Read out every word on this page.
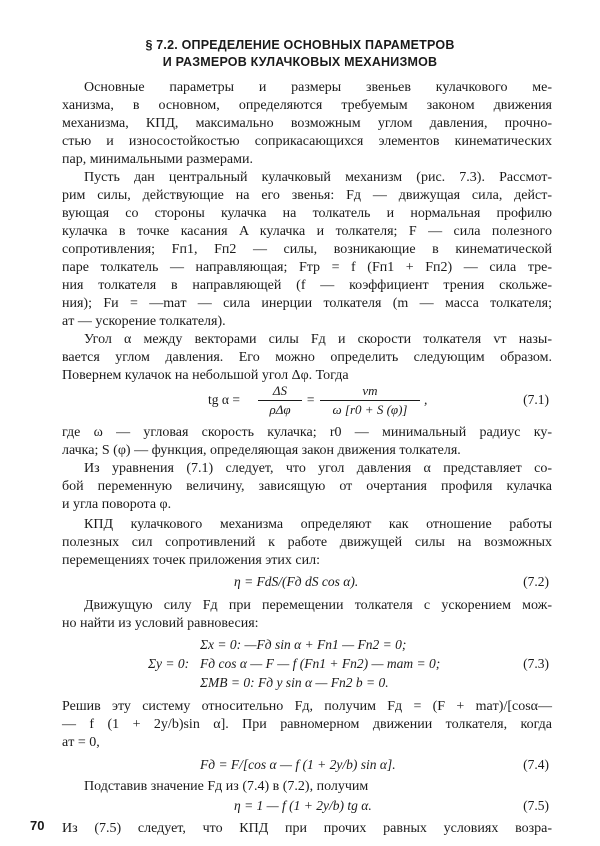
§ 7.2. ОПРЕДЕЛЕНИЕ ОСНОВНЫХ ПАРАМЕТРОВ
И РАЗМЕРОВ КУЛАЧКОВЫХ МЕХАНИЗМОВ
Основные параметры и размеры звеньев кулачкового ме-
ханизма, в основном, определяются требуемым законом движения
механизма, КПД, максимально возможным углом давления, прочно-
стью и износостойкостью соприкасающихся элементов кинематических
пар, минимальными размерами.
Пусть дан центральный кулачковый механизм (рис. 7.3). Рассмот-
рим силы, действующие на его звенья: Fд — движущая сила, дейст-
вующая со стороны кулачка на толкатель и нормальная профилю
кулачка в точке касания A кулачка и толкателя; F — сила полезного
сопротивления; Fп1, Fп2 — силы, возникающие в кинематической
паре толкатель — направляющая; Fтр = f (Fп1 + Fп2) — сила тре-
ния толкателя в направляющей (f — коэффициент трения скольже-
ния); Fи = —maт — сила инерции толкателя (m — масса толкателя;
aт — ускорение толкателя).
Угол α между векторами силы Fд и скорости толкателя vт назы-
вается углом давления. Его можно определить следующим образом.
Повернем кулачок на небольшой угол Δφ. Тогда
tg α =
ΔS
ρΔφ
=
vт
ω [r0 + S (φ)]
,	(7.1)
где ω — угловая скорость кулачка; r0 — минимальный радиус ку-
лачка; S (φ) — функция, определяющая закон движения толкателя.
Из уравнения (7.1) следует, что угол давления α представляет со-
бой переменную величину, зависящую от очертания профиля кулачка
и угла поворота φ.
КПД кулачкового механизма определяют как отношение работы
полезных сил сопротивлений к работе движущей силы на возможных
перемещениях точек приложения этих сил:
η = FdS/(Fд dS cos α).	(7.2)
Движущую силу Fд при перемещении толкателя с ускорением мож-
но найти из условий равновесия:
Σx = 0: —Fд sin α + Fп1 — Fп2 = 0;
Σy = 0: Fд cos α — F — f (Fп1 + Fп2) — maт = 0;
ΣMB = 0: Fд y sin α — Fп2 b = 0.
(7.3)
Решив эту систему относительно Fд, получим Fд = (F + maт)/[cosα—
— f (1 + 2y/b)sin α]. При равномерном движении толкателя, когда
aт = 0,
Fд = F/[cos α — f (1 + 2y/b) sin α].	(7.4)
Подставив значение Fд из (7.4) в (7.2), получим
η = 1 — f (1 + 2y/b) tg α.	(7.5)
Из (7.5) следует, что КПД при прочих равных условиях возра-
70
